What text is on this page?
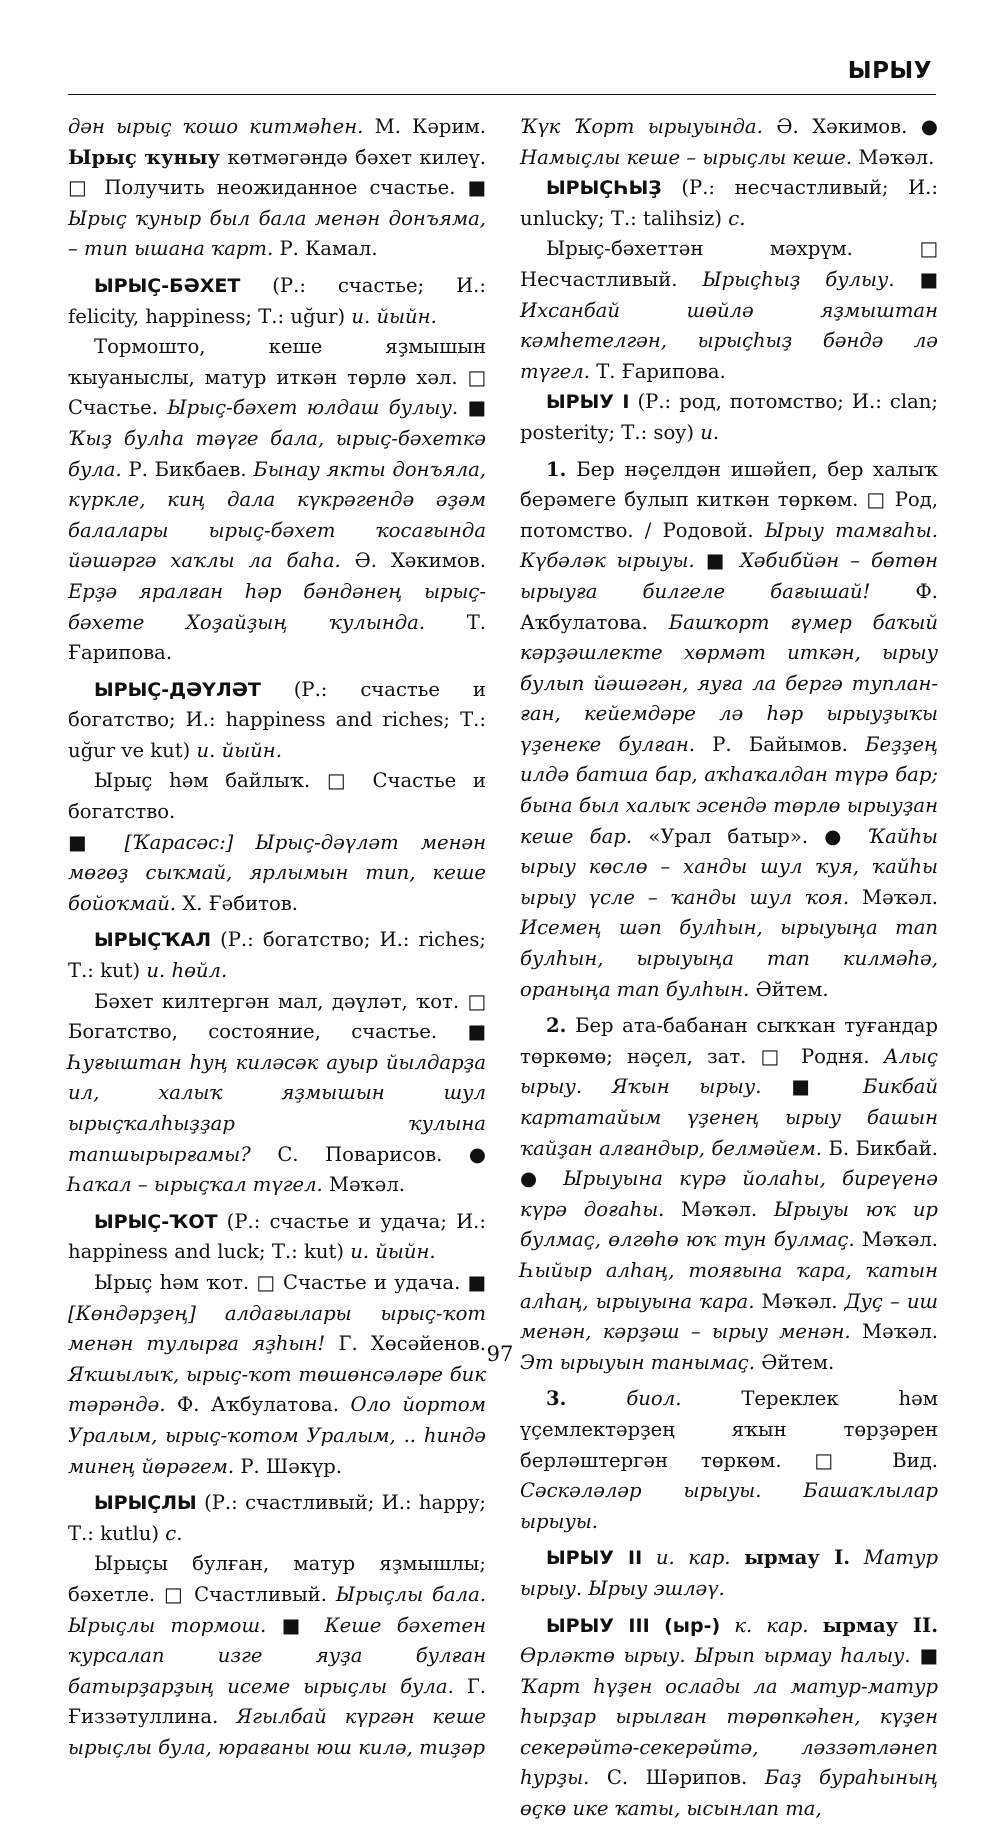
ЫРЫУ

дән ырыҫ ҡошо китмәһен. М. Кәрим. Ырыҫ ҡуныу көтмәгәндә бәхет килеү. □ Получить неожиданное счастье. ■ Ырыҫ ҡуныр был бала менән донъяма, – тип ышана ҡарт. Р. Камал.

ЫРЫҪ-БӘХЕТ (Р.: счастье; И.: felicity, happiness; Т.: uğur) и. йыйн.

Тормошто, кеше яҙмышын ҡыуаныслы, матур иткән төрлө хәл. □ Счастье. Ырыҫ-бәхет юлдаш булыу. ■ Ҡыҙ булһа тәүге бала, ырыҫ-бәхеткә була. Р. Бикбаев. Бынау якты донъяла, күркле, киң дала күкрәгендә әҙәм балалары ырыҫ-бәхет ҡосағында йәшәргә хаҡлы ла баһа. Ә. Хәкимов. Ерҙә яралған һәр бәндәнең ырыҫ-бәхете Хоҙайҙың ҡулында. Т. Ғарипова.

ЫРЫҪ-ДӘҮЛӘТ (Р.: счастье и богатство; И.: happiness and riches; Т.: uğur ve kut) и. йыйн.

Ырыҫ һәм байлыҡ. □ Счастье и богатство.

■ [Ҡарасәс:] Ырыҫ-дәүләт менән мөгөҙ сыҡмай, ярлымын тип, кеше бойоҡмай. Х. Ғәбитов.

ЫРЫҪҠАЛ (Р.: богатство; И.: riches; Т.: kut) и. һөйл.

Бәхет килтергән мал, дәүләт, ҡот. □ Богатство, состояние, счастье. ■ Һуғыштан һуң киләсәк ауыр йылдарҙа ил, халыҡ яҙмышын шул ырыҫҡалһыҙҙар ҡулына тапшырырғамы? С. Поварисов. ● Һаҡал – ырыҫҡал түгел. Мәҡәл.

ЫРЫҪ-ҠОТ (Р.: счастье и удача; И.: happiness and luck; Т.: kut) и. йыйн.

Ырыҫ һәм ҡот. □ Счастье и удача. ■ [Көндәрҙең] алдағылары ырыҫ-ҡот менән тулырға яҙһын! Г. Хөсәйенов. Яҡшылыҡ, ырыҫ-ҡот төшөнсәләре бик тәрәндә. Ф. Аҡбулатова. Оло йортом Уралым, ырыҫ-ҡотом Уралым, .. һиндә минең йөрәгем. Р. Шәкүр.

ЫРЫҪЛЫ (Р.: счастливый; И.: happy; Т.: kutlu) с.

Ырыҫы булған, матур яҙмышлы; бәхетле. □ Счастливый. Ырыҫлы бала. Ырыҫлы тормош. ■ Кеше бәхетен ҡурсалап изге яуҙа булған батырҙарҙың исеме ырыҫлы була. Г. Ғиззәтуллина. Ягылбай күргән кеше ырыҫлы була, юрағаны юш килә, тиҙәр

Ҡүк Ҡорт ырыуында. Ә. Хәкимов. ● Намыҫлы кеше – ырыҫлы кеше. Мәҡәл.

ЫРЫҪҺЫҘ (Р.: несчастливый; И.: unlucky; Т.: talihsiz) с.

Ырыҫ-бәхеттән мәхрүм. □ Несчастливый. Ырыҫһыҙ булыу. ■ Ихсанбай шөйлә яҙмыштан кәмһетелгән, ырыҫһыҙ бәндә лә түгел. Т. Ғарипова.

ЫРЫУ I (Р.: род, потомство; И.: clan; posterity; Т.: soy) и.

1. Бер нәҫелдән ишәйеп, бер халыҡ берәмеге булып киткән төркөм. □ Род, потомство. / Родовой. Ырыу тамғаһы. Күбәләк ырыуы. ■ Хәбибйән – бөтөн ырыуға билгеле бағышай! Ф. Аҡбулатова. Башҡорт ғүмер баҡый кәрҙәшлекте хөрмәт иткән, ырыу булып йәшәгән, яуға ла бергә туплан-ған, кейемдәре лә һәр ырыуҙыҡы үҙенеке булған. Р. Байымов. Беҙҙең илдә батша бар, аҡһаҡалдан түрә бар; бына был халыҡ эсендә төрлө ырыуҙан кеше бар. «Урал батыр». ● Ҡайһы ырыу көслө – ханды шул ҡуя, ҡайһы ырыу үсле – ҡанды шул ҡоя. Мәҡәл. Исемең шәп булһын, ырыуыңа тап булһын, ырыуыңа тап килмәһә, ораныңа тап булһын. Әйтем.

2. Бер ата-бабанан сыҡҡан туғандар төркөмө; нәҫел, зат. □ Родня. Алыҫ ырыу. Яҡын ырыу. ■ Бикбай картатайым үҙенең ырыу башын ҡайҙан алғандыр, белмәйем. Б. Бикбай. ● Ырыуына күрә йолаһы, биреүенә күрә доғаһы. Мәҡәл. Ырыуы юҡ ир булмаҫ, өлгөһө юҡ тун булмаҫ. Мәҡәл. Һыйыр алһаң, тояғына ҡара, ҡатын алһаң, ырыуына ҡара. Мәҡәл. Дуҫ – иш менән, кәрҙәш – ырыу менән. Мәҡәл. Эт ырыуын танымаҫ. Әйтем.

3.	биол.	Тереклек һәм үҫемлектәрҙең яҡын төрҙәрен берләштергән төркөм. □ Вид. Сәскәләләр ырыуы. Башаҡлылар ырыуы.

ЫРЫУ II и. кар. ырмау I. Матур ырыу. Ырыу эшләү.

ЫРЫУ III (ыр-) к. кар. ырмау II. Өрләктө ырыу. Ырып ырмау һалыу. ■ Ҡарт һүҙен ослады ла матур-матур һырҙар ырылған төрөпкәһен, күҙен секерәйтә-секерәйтә, ләззәтләнеп һурҙы. С. Шәрипов. Баҙ бураһының өҫкө ике ҡаты, ысынлап та,

97
